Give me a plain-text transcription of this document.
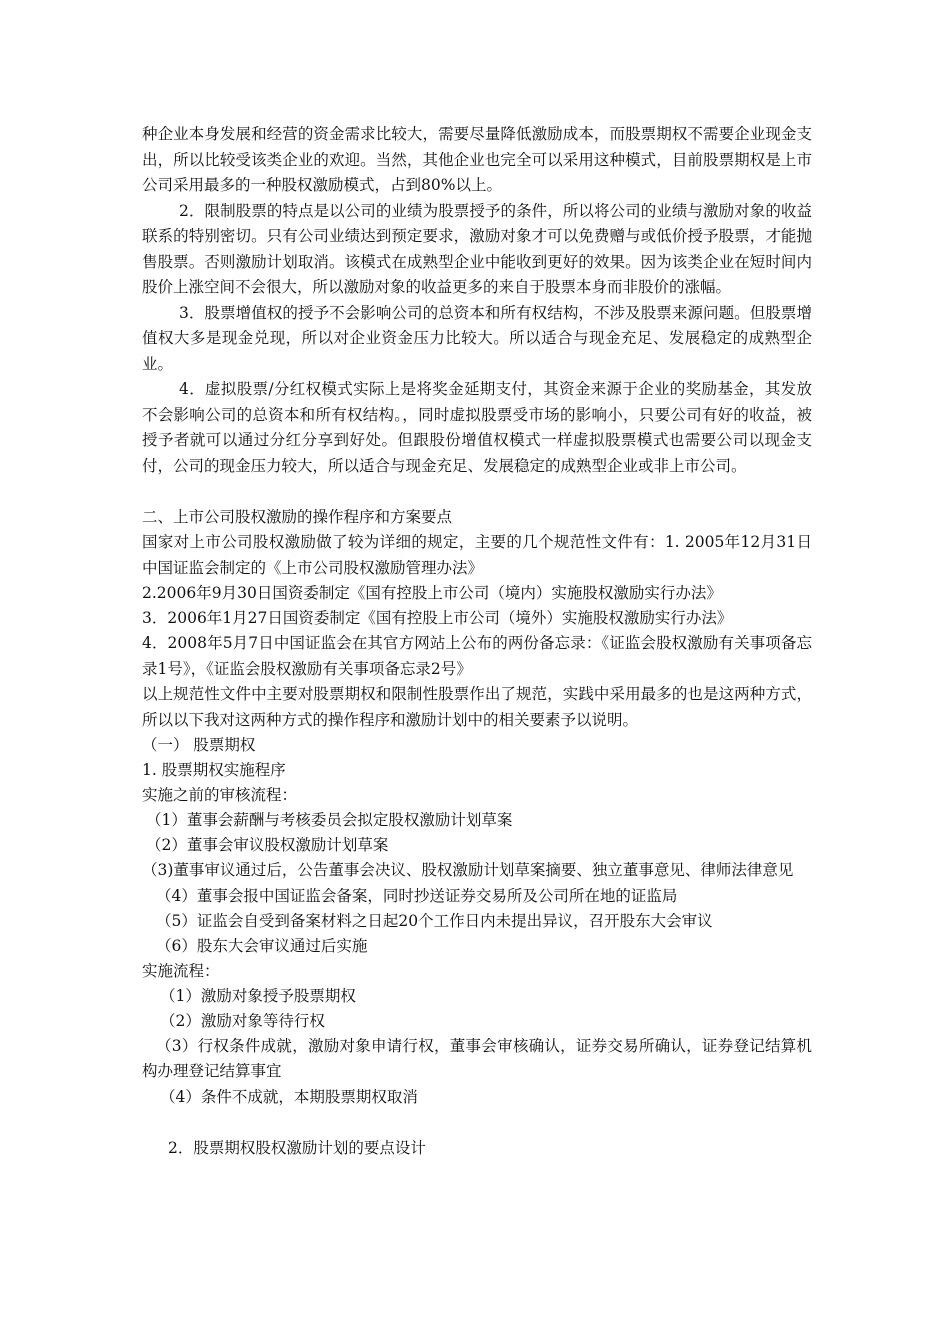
种企业本身发展和经营的资金需求比较大，需要尽量降低激励成本，而股票期权不需要企业现金支出，所以比较受该类企业的欢迎。当然，其他企业也完全可以采用这种模式，目前股票期权是上市公司采用最多的一种股权激励模式，占到80%以上。

2．限制股票的特点是以公司的业绩为股票授予的条件，所以将公司的业绩与激励对象的收益联系的特别密切。只有公司业绩达到预定要求，激励对象才可以免费赠与或低价授予股票，才能抛售股票。否则激励计划取消。该模式在成熟型企业中能收到更好的效果。因为该类企业在短时间内股价上涨空间不会很大，所以激励对象的收益更多的来自于股票本身而非股价的涨幅。

3．股票增值权的授予不会影响公司的总资本和所有权结构，不涉及股票来源问题。但股票增值权大多是现金兑现，所以对企业资金压力比较大。所以适合与现金充足、发展稳定的成熟型企业。

4．虚拟股票/分红权模式实际上是将奖金延期支付，其资金来源于企业的奖励基金，其发放不会影响公司的总资本和所有权结构。，同时虚拟股票受市场的影响小，只要公司有好的收益，被授予者就可以通过分红分享到好处。但跟股份增值权模式一样虚拟股票模式也需要公司以现金支付，公司的现金压力较大，所以适合与现金充足、发展稳定的成熟型企业或非上市公司。

二、上市公司股权激励的操作程序和方案要点

国家对上市公司股权激励做了较为详细的规定，主要的几个规范性文件有：1. 2005年12月31日中国证监会制定的《上市公司股权激励管理办法》

2.2006年9月30日国资委制定《国有控股上市公司（境内）实施股权激励实行办法》

3．2006年1月27日国资委制定《国有控股上市公司（境外）实施股权激励实行办法》

4．2008年5月7日中国证监会在其官方网站上公布的两份备忘录：《证监会股权激励有关事项备忘录1号》，《证监会股权激励有关事项备忘录2号》

以上规范性文件中主要对股票期权和限制性股票作出了规范，实践中采用最多的也是这两种方式，所以以下我对这两种方式的操作程序和激励计划中的相关要素予以说明。

（一） 股票期权

1. 股票期权实施程序

实施之前的审核流程：

（1）董事会薪酬与考核委员会拟定股权激励计划草案

（2）董事会审议股权激励计划草案

（3)董事审议通过后，公告董事会决议、股权激励计划草案摘要、独立董事意见、律师法律意见

（4）董事会报中国证监会备案，同时抄送证券交易所及公司所在地的证监局

（5）证监会自受到备案材料之日起20个工作日内未提出异议，召开股东大会审议

（6）股东大会审议通过后实施

实施流程：

（1）激励对象授予股票期权

（2）激励对象等待行权

（3）行权条件成就，激励对象申请行权，董事会审核确认，证券交易所确认，证券登记结算机构办理登记结算事宜

（4）条件不成就，本期股票期权取消

2．股票期权股权激励计划的要点设计
